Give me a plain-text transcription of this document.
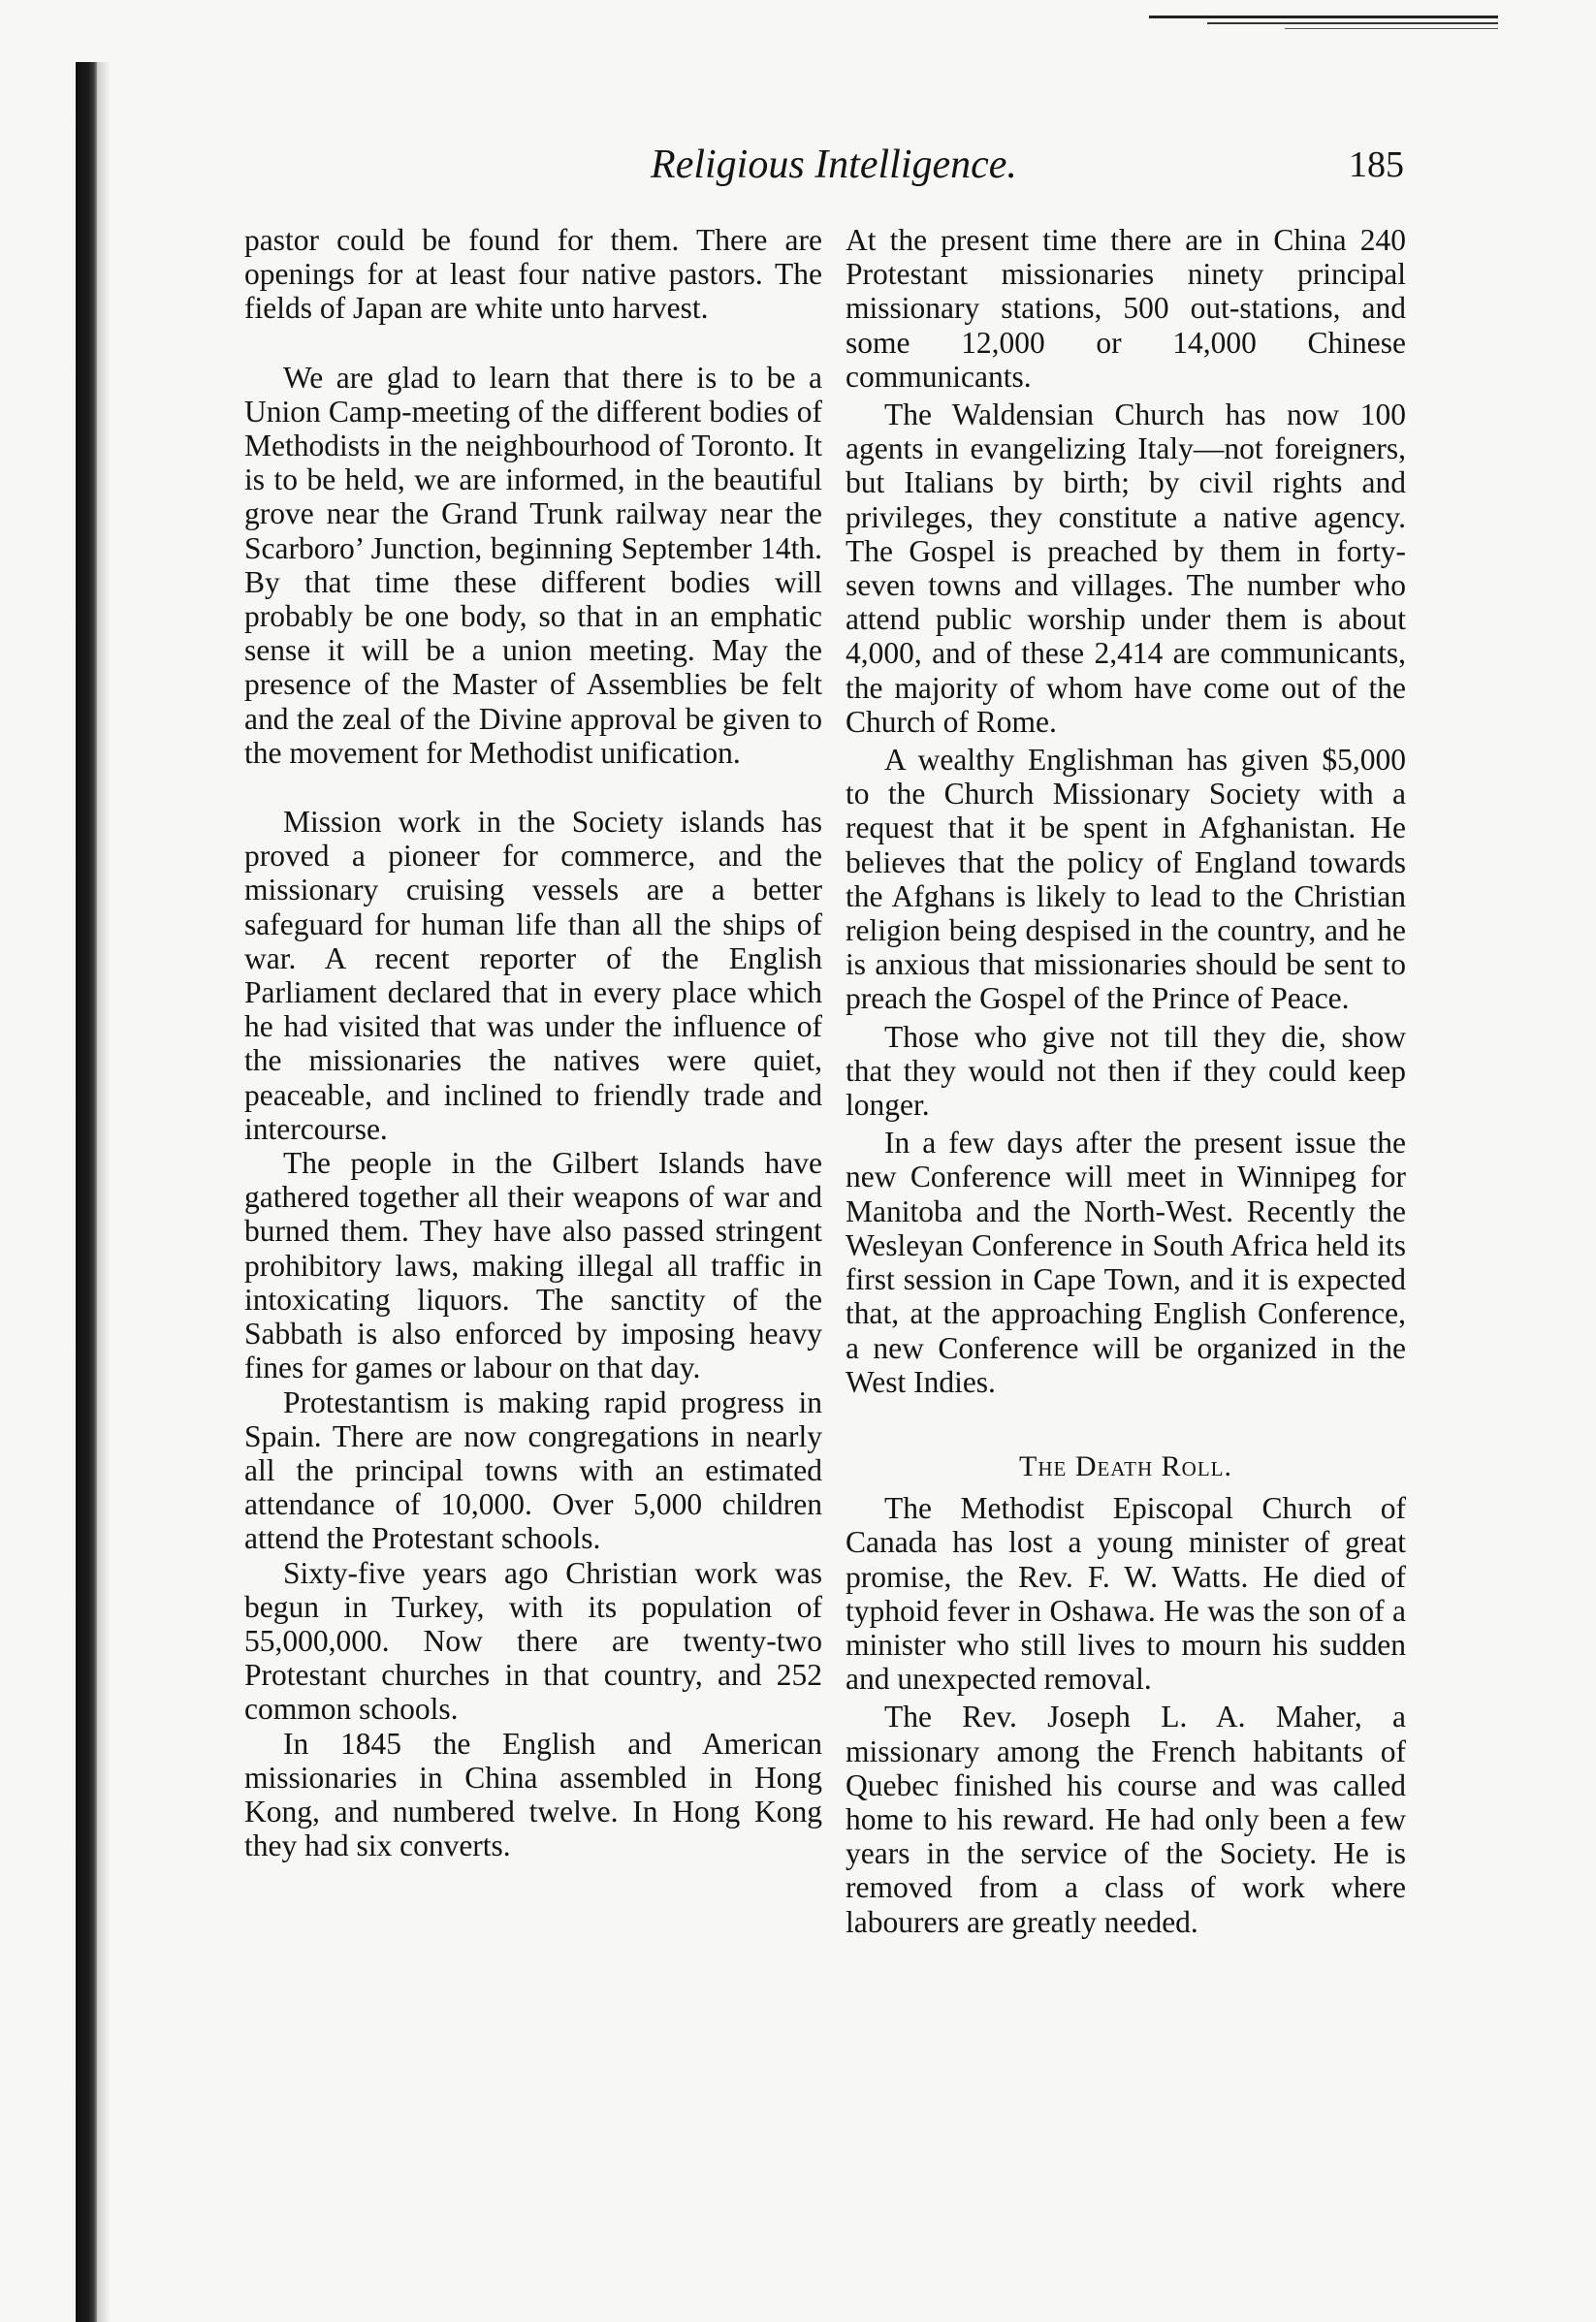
Religious Intelligence.	185

pastor could be found for them. There are openings for at least four native pastors. The fields of Japan are white unto harvest.

We are glad to learn that there is to be a Union Camp-meeting of the different bodies of Methodists in the neighbourhood of Toronto. It is to be held, we are informed, in the beautiful grove near the Grand Trunk railway near the Scarboro’ Junction, beginning September 14th. By that time these different bodies will probably be one body, so that in an emphatic sense it will be a union meeting. May the presence of the Master of Assemblies be felt and the zeal of the Divine approval be given to the movement for Methodist unification.

Mission work in the Society islands has proved a pioneer for commerce, and the missionary cruising vessels are a better safeguard for human life than all the ships of war. A recent reporter of the English Parliament declared that in every place which he had visited that was under the influence of the missionaries the natives were quiet, peaceable, and inclined to friendly trade and intercourse.

The people in the Gilbert Islands have gathered together all their weapons of war and burned them. They have also passed stringent prohibitory laws, making illegal all traffic in intoxicating liquors. The sanctity of the Sabbath is also enforced by imposing heavy fines for games or labour on that day.

Protestantism is making rapid progress in Spain. There are now congregations in nearly all the principal towns with an estimated attendance of 10,000. Over 5,000 children attend the Protestant schools.

Sixty-five years ago Christian work was begun in Turkey, with its population of 55,000,000. Now there are twenty-two Protestant churches in that country, and 252 common schools.

In 1845 the English and American missionaries in China assembled in Hong Kong, and numbered twelve. In Hong Kong they had six converts.

At the present time there are in China 240 Protestant missionaries ninety principal missionary stations, 500 out-stations, and some 12,000 or 14,000 Chinese communicants.

The Waldensian Church has now 100 agents in evangelizing Italy—not foreigners, but Italians by birth; by civil rights and privileges, they constitute a native agency. The Gospel is preached by them in forty-seven towns and villages. The number who attend public worship under them is about 4,000, and of these 2,414 are communicants, the majority of whom have come out of the Church of Rome.

A wealthy Englishman has given $5,000 to the Church Missionary Society with a request that it be spent in Afghanistan. He believes that the policy of England towards the Afghans is likely to lead to the Christian religion being despised in the country, and he is anxious that missionaries should be sent to preach the Gospel of the Prince of Peace.

Those who give not till they die, show that they would not then if they could keep longer.

In a few days after the present issue the new Conference will meet in Winnipeg for Manitoba and the North-West. Recently the Wesleyan Conference in South Africa held its first session in Cape Town, and it is expected that, at the approaching English Conference, a new Conference will be organized in the West Indies.

The Death Roll.

The Methodist Episcopal Church of Canada has lost a young minister of great promise, the Rev. F. W. Watts. He died of typhoid fever in Oshawa. He was the son of a minister who still lives to mourn his sudden and unexpected removal.

The Rev. Joseph L. A. Maher, a missionary among the French habitants of Quebec finished his course and was called home to his reward. He had only been a few years in the service of the Society. He is removed from a class of work where labourers are greatly needed.
